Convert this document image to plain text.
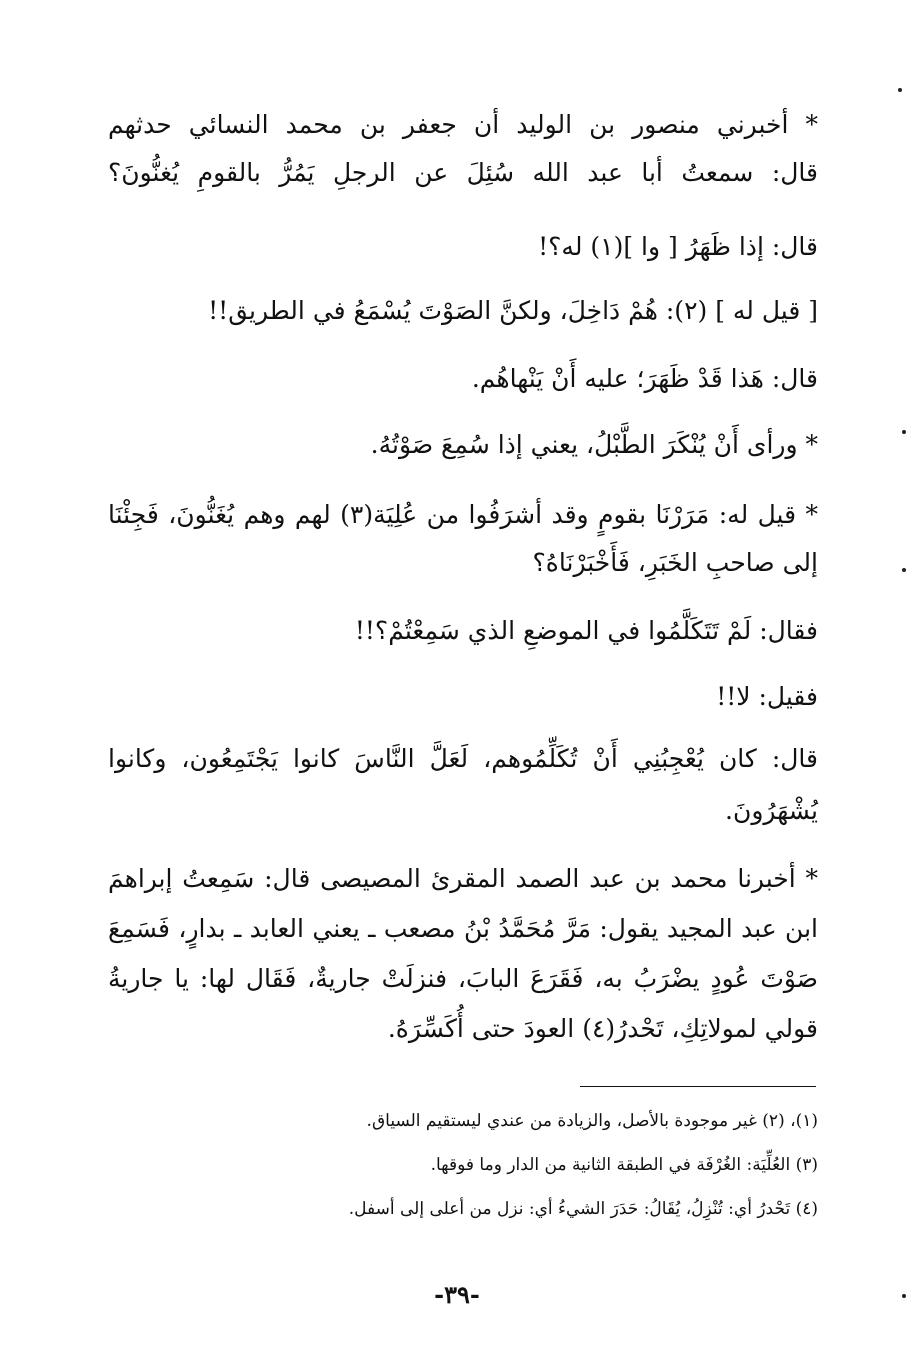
* أخبرني منصور بن الوليد أن جعفر بن محمد النسائي حدثهم
قال: سمعتُ أبا عبد الله سُئِلَ عن الرجلِ يَمُرُّ بالقومِ يُغنُّونَ؟
قال: إذا ظَهَرُ [ وا ](١) له؟!
[ قيل له ] (٢): هُمْ دَاخِلَ، ولكنَّ الصَوْتَ يُسْمَعُ في الطريق!!
قال: هَذا قَدْ ظَهَرَ؛ عليه أَنْ يَنْهاهُم.
* ورأى أَنْ يُنْكَرَ الطَّبْلُ، يعني إذا سُمِعَ صَوْتُهُ.
* قيل له: مَرَرْنَا بقومٍ وقد أشرَفُوا من عُلِيَة(٣) لهم وهم يُغَنُّونَ، فَجِئْنَا
إلى صاحبِ الخَبَرِ، فَأَخْبَرْنَاهُ؟
فقال: لَمْ تَتَكَلَّمُوا في الموضعِ الذي سَمِعْتُمْ؟!!
فقيل: لا!!
قال: كان يُعْجِبُنِي أَنْ تُكَلِّمُوهم، لَعَلَّ النَّاسَ كانوا يَجْتَمِعُون، وكانوا
يُشْهَرُونَ.
* أخبرنا محمد بن عبد الصمد المقرئ المصيصى قال: سَمِعتُ إبراهمَ
ابن عبد المجيد يقول: مَرَّ مُحَمَّدُ بْنُ مصعب ـ يعني العابد ـ بدارٍ، فَسَمِعَ
صَوْتَ عُودٍ يضْرَبُ به، فَقَرَعَ البابَ، فنزلَتْ جاريةٌ، فَقَال لها: يا جاريةُ
قولي لمولاتِكِ، تَحْدرُ(٤) العودَ حتى أُكَسِّرَهُ.
(١)، (٢) غير موجودة بالأصل، والزيادة من عندي ليستقيم السياق.
(٣) العُلِّيَة: الغُرْفَة في الطبقة الثانية من الدار وما فوقها.
(٤) تَحْدرُ أي: تُنْزِلُ، يُقَالُ: حَدَرَ الشيءُ أي: نزل من أعلى إلى أسفل.
-٣٩-
